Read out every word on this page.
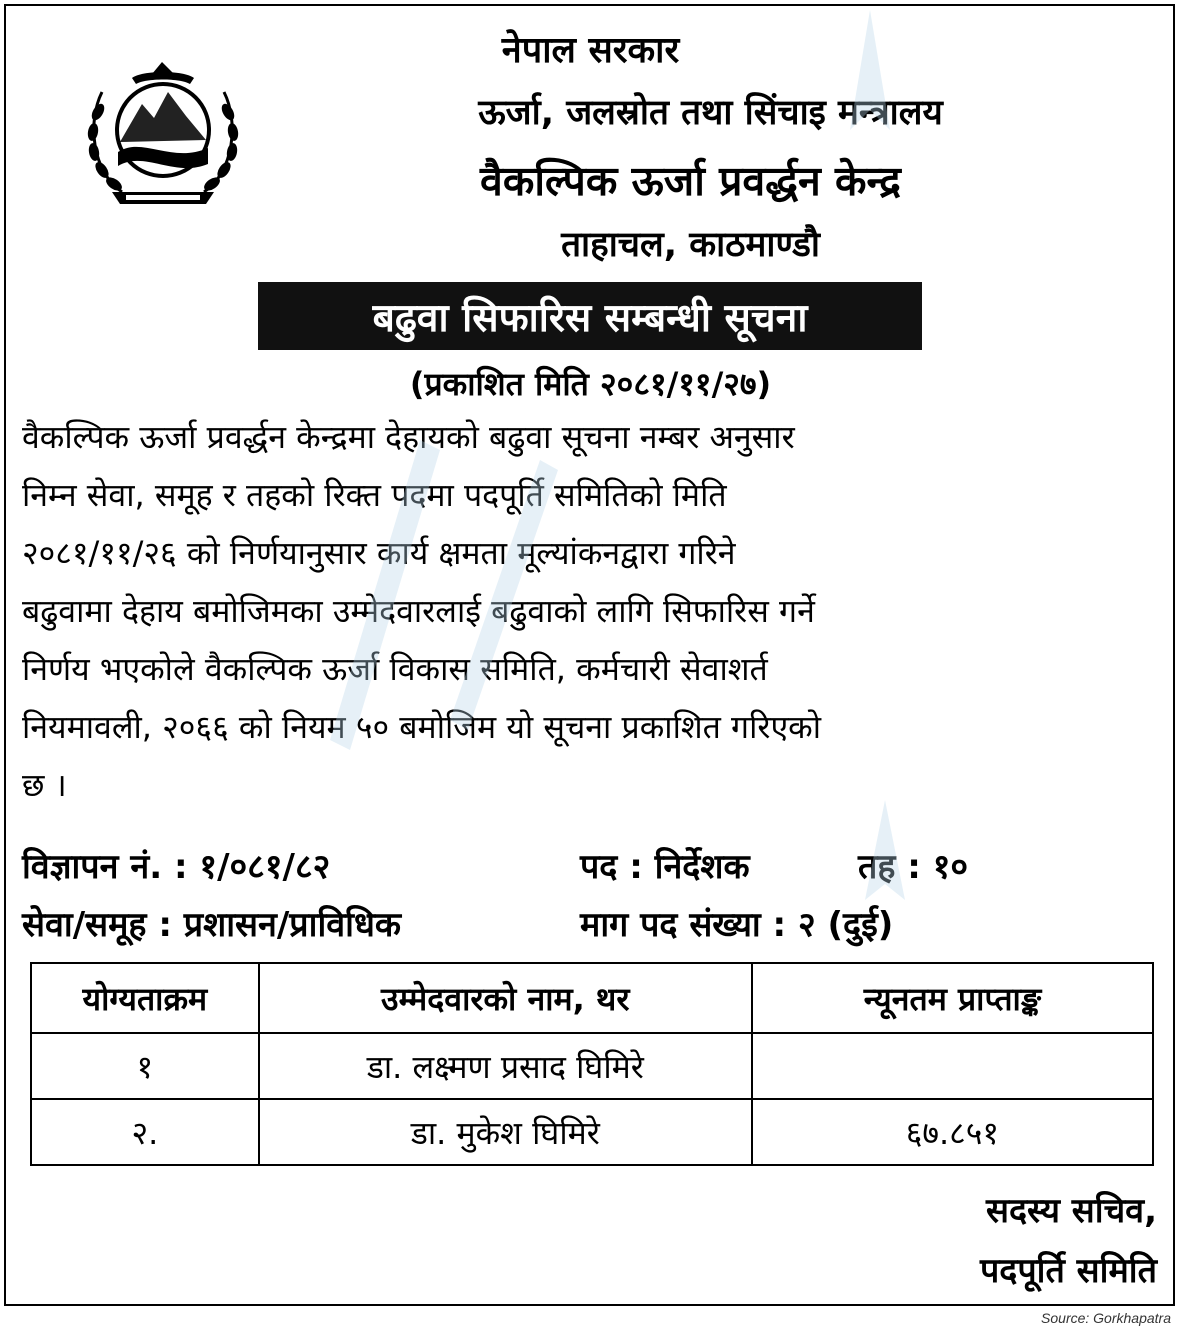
नेपाल सरकार
ऊर्जा, जलस्रोत तथा सिंचाइ मन्त्रालय
वैकल्पिक ऊर्जा प्रवर्द्धन केन्द्र
ताहाचल, काठमाण्डौ
बढुवा सिफारिस सम्बन्धी सूचना
(प्रकाशित मिति २०८१/११/२७)
वैकल्पिक ऊर्जा प्रवर्द्धन केन्द्रमा देहायको बढुवा सूचना नम्बर अनुसार
निम्न सेवा, समूह र तहको रिक्त पदमा पदपूर्ति समितिको मिति
२०८१/११/२६ को निर्णयानुसार कार्य क्षमता मूल्यांकनद्वारा गरिने
बढुवामा देहाय बमोजिमका उम्मेदवारलाई बढुवाको लागि सिफारिस गर्ने
निर्णय भएकोले वैकल्पिक ऊर्जा विकास समिति, कर्मचारी सेवाशर्त
नियमावली, २०६६ को नियम ५० बमोजिम यो सूचना प्रकाशित गरिएको
छ ।
विज्ञापन नं. : १/०८१/८२	पद : निर्देशक	तह : १०
सेवा/समूह : प्रशासन/प्राविधिक	माग पद संख्या : २ (दुई)
योग्यताक्रम	उम्मेदवारको नाम, थर	न्यूनतम प्राप्ताङ्क
१	डा. लक्ष्मण प्रसाद घिमिरे	
२.	डा. मुकेश घिमिरे	६७.८५१
सदस्य सचिव,
पदपूर्ति समिति
Source: Gorkhapatra
